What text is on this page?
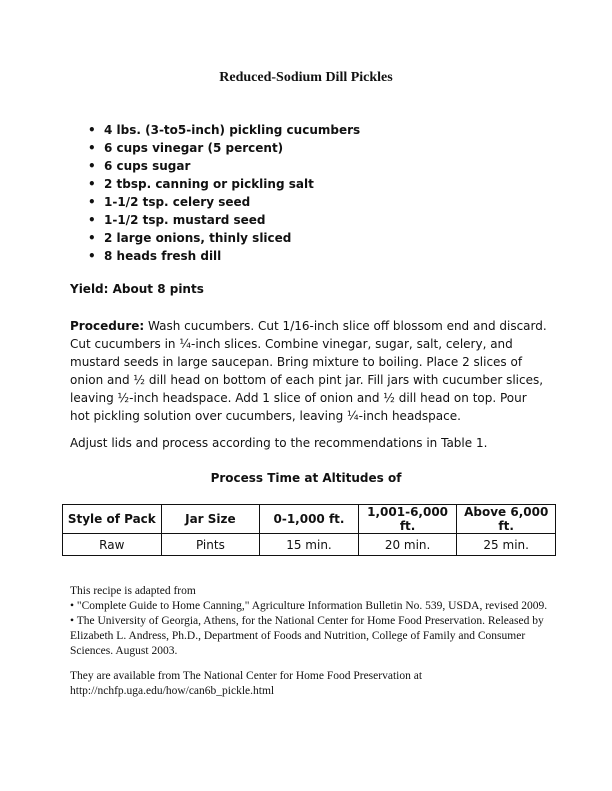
Reduced-Sodium Dill Pickles
• 4 lbs. (3-to5-inch) pickling cucumbers
• 6 cups vinegar (5 percent)
• 6 cups sugar
• 2 tbsp. canning or pickling salt
• 1-1/2 tsp. celery seed
• 1-1/2 tsp. mustard seed
• 2 large onions, thinly sliced
• 8 heads fresh dill
Yield: About 8 pints

Procedure: Wash cucumbers. Cut 1/16-inch slice off blossom end and discard. Cut cucumbers in ¼-inch slices. Combine vinegar, sugar, salt, celery, and mustard seeds in large saucepan. Bring mixture to boiling. Place 2 slices of onion and ½ dill head on bottom of each pint jar. Fill jars with cucumber slices, leaving ½-inch headspace. Add 1 slice of onion and ½ dill head on top. Pour hot pickling solution over cucumbers, leaving ¼-inch headspace.

Adjust lids and process according to the recommendations in Table 1.

Process Time at Altitudes of
Style of Pack	Jar Size	0-1,000 ft.	1,001-6,000 ft.	Above 6,000 ft.
Raw	Pints	15 min.	20 min.	25 min.

This recipe is adapted from

• "Complete Guide to Home Canning," Agriculture Information Bulletin No. 539, USDA, revised 2009.

• The University of Georgia, Athens, for the National Center for Home Food Preservation. Released by Elizabeth L. Andress, Ph.D., Department of Foods and Nutrition, College of Family and Consumer Sciences. August 2003.

They are available from The National Center for Home Food Preservation at http://nchfp.uga.edu/how/can6b_pickle.html
